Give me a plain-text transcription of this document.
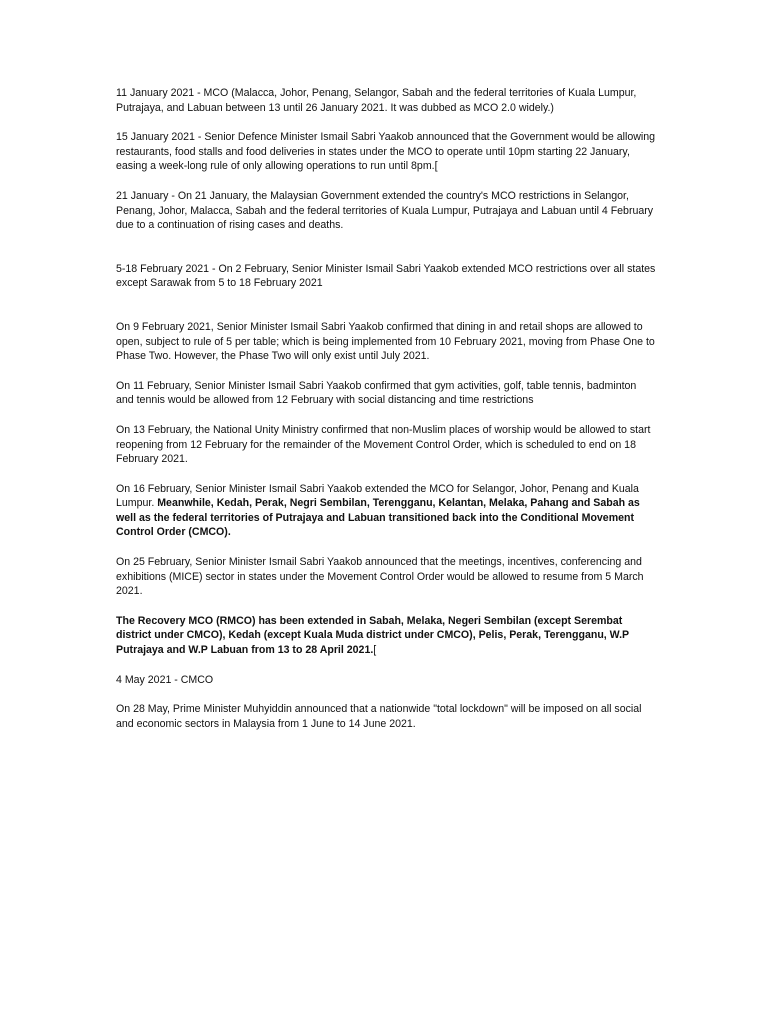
11 January 2021 - MCO (Malacca, Johor, Penang, Selangor, Sabah and the federal territories of Kuala Lumpur, Putrajaya, and Labuan between 13 until 26 January 2021. It was dubbed as MCO 2.0 widely.)

15 January 2021 - Senior Defence Minister Ismail Sabri Yaakob announced that the Government would be allowing restaurants, food stalls and food deliveries in states under the MCO to operate until 10pm starting 22 January, easing a week-long rule of only allowing operations to run until 8pm.[

21 January - On 21 January, the Malaysian Government extended the country's MCO restrictions in Selangor, Penang, Johor, Malacca, Sabah and the federal territories of Kuala Lumpur, Putrajaya and Labuan until 4 February due to a continuation of rising cases and deaths.

5-18 February 2021 - On 2 February, Senior Minister Ismail Sabri Yaakob extended MCO restrictions over all states except Sarawak from 5 to 18 February 2021

On 9 February 2021, Senior Minister Ismail Sabri Yaakob confirmed that dining in and retail shops are allowed to open, subject to rule of 5 per table; which is being implemented from 10 February 2021, moving from Phase One to Phase Two. However, the Phase Two will only exist until July 2021.

On 11 February, Senior Minister Ismail Sabri Yaakob confirmed that gym activities, golf, table tennis, badminton and tennis would be allowed from 12 February with social distancing and time restrictions

On 13 February, the National Unity Ministry confirmed that non-Muslim places of worship would be allowed to start reopening from 12 February for the remainder of the Movement Control Order, which is scheduled to end on 18 February 2021.

On 16 February, Senior Minister Ismail Sabri Yaakob extended the MCO for Selangor, Johor, Penang and Kuala Lumpur. Meanwhile, Kedah, Perak, Negri Sembilan, Terengganu, Kelantan, Melaka, Pahang and Sabah as well as the federal territories of Putrajaya and Labuan transitioned back into the Conditional Movement Control Order (CMCO).

On 25 February, Senior Minister Ismail Sabri Yaakob announced that the meetings, incentives, conferencing and exhibitions (MICE) sector in states under the Movement Control Order would be allowed to resume from 5 March 2021.

The Recovery MCO (RMCO) has been extended in Sabah, Melaka, Negeri Sembilan (except Serembat district under CMCO), Kedah (except Kuala Muda district under CMCO), Pelis, Perak, Terengganu, W.P Putrajaya and W.P Labuan from 13 to 28 April 2021.[

4 May 2021 - CMCO

On 28 May, Prime Minister Muhyiddin announced that a nationwide "total lockdown" will be imposed on all social and economic sectors in Malaysia from 1 June to 14 June 2021.
